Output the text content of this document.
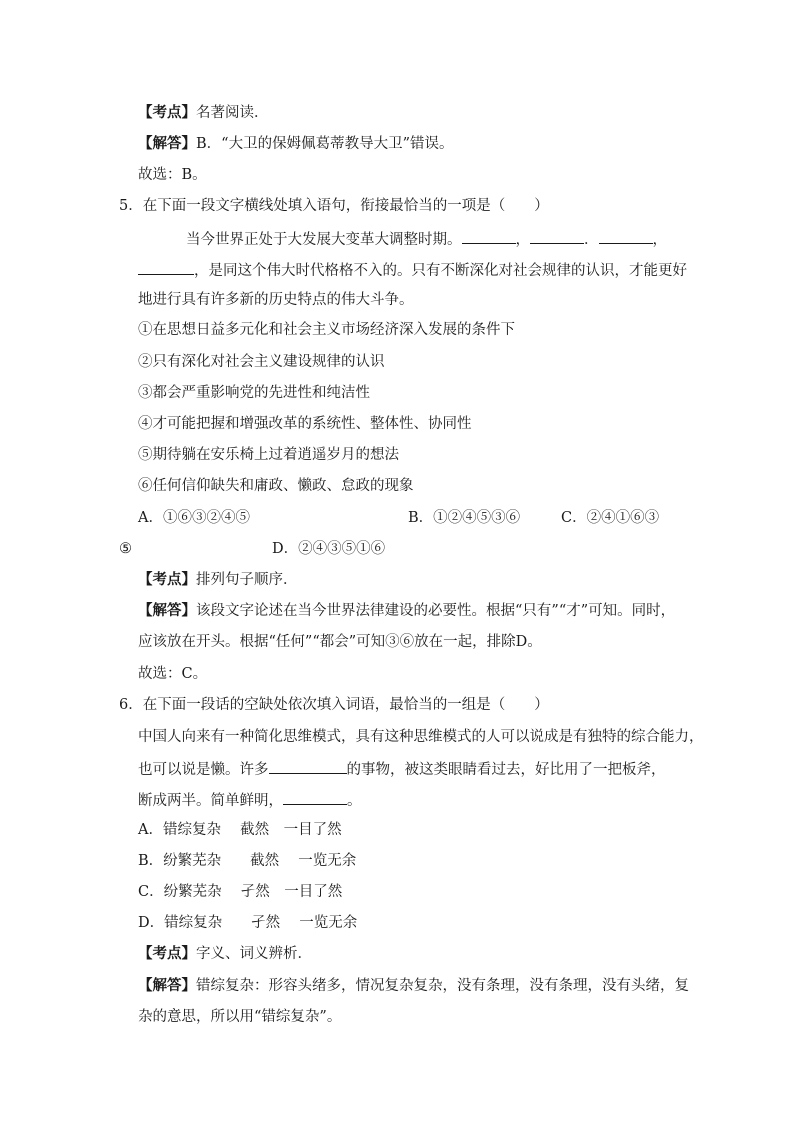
【考点】名著阅读．
【解答】B．“大卫的保姆佩葛蒂教导大卫”错误。
故选：B。
5．在下面一段文字横线处填入语句，衔接最恰当的一项是（　　）
当今世界正处于大发展大变革大调整时期。	，	．	，
，是同这个伟大时代格格不入的。只有不断深化对社会规律的认识，才能更好
地进行具有许多新的历史特点的伟大斗争。
①在思想日益多元化和社会主义市场经济深入发展的条件下
②只有深化对社会主义建设规律的认识
③都会严重影响党的先进性和纯洁性
④才可能把握和增强改革的系统性、整体性、协同性
⑤期待躺在安乐椅上过着逍遥岁月的想法
⑥任何信仰缺失和庸政、懒政、怠政的现象
A．①⑥③②④⑤	B．①②④⑤③⑥	C．②④①⑥③
⑤	D．②④③⑤①⑥
【考点】排列句子顺序．
【解答】该段文字论述在当今世界法律建设的必要性。根据“只有”“才”可知。同时，
应该放在开头。根据“任何”“都会”可知③⑥放在一起，排除D。
故选：C。
6．在下面一段话的空缺处依次填入词语，最恰当的一组是（　　）
中国人向来有一种简化思维模式，具有这种思维模式的人可以说成是有独特的综合能力，
也可以说是懒。许多	的事物，被这类眼睛看过去，好比用了一把板斧，
断成两半。简单鲜明，	。
A．错综复杂　 截然　一目了然
B．纷繁芜杂　　截然　 一览无余
C．纷繁芜杂　 孑然　一目了然
D．错综复杂　　孑然　 一览无余
【考点】字义、词义辨析．
【解答】错综复杂：形容头绪多，情况复杂复杂，没有条理，没有条理，没有头绪，复
杂的意思，所以用“错综复杂”。
